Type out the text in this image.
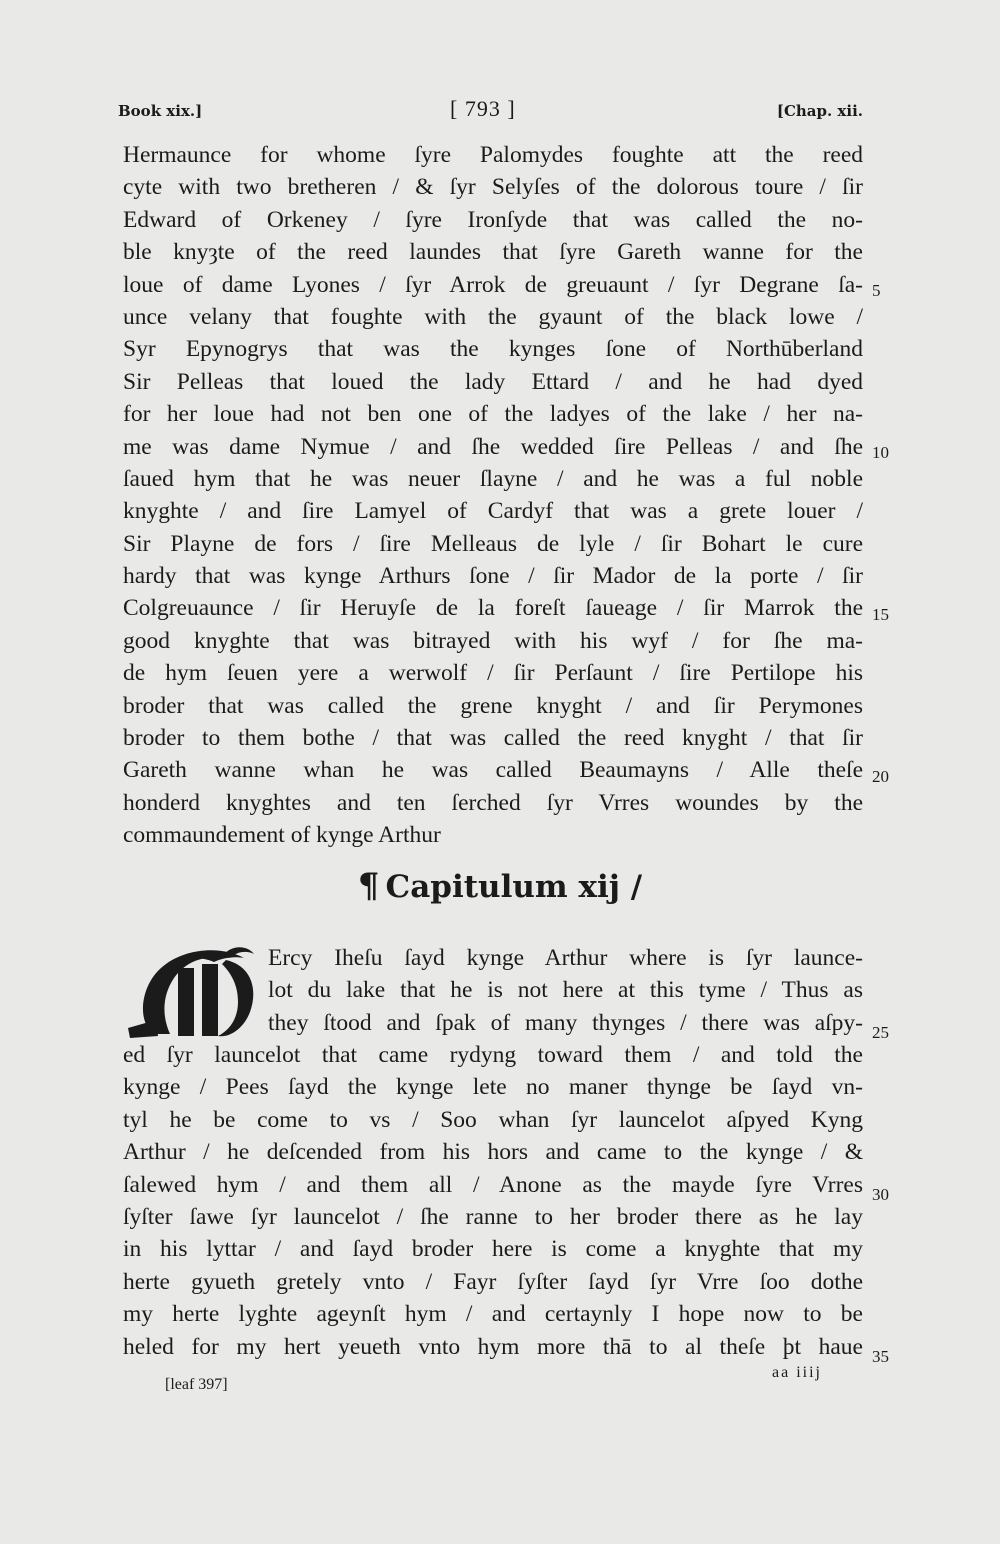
Book xix.]	[ 793 ]	[Chap. xii.
Hermaunce for whome ſyre Palomydes foughte att the reed
cyte with two bretheren / & ſyr Selyſes of the dolorous toure / ſir
Edward of Orkeney / ſyre Ironſyde that was called the no-
ble knyȝte of the reed laundes that ſyre Gareth wanne for the
loue of dame Lyones / ſyr Arrok de greuaunt / ſyr Degrane ſa-
unce velany that foughte with the gyaunt of the black lowe /
Syr Epynogrys that was the kynges ſone of Northūberland
Sir Pelleas that loued the lady Ettard / and he had dyed
for her loue had not ben one of the ladyes of the lake / her na-
me was dame Nymue / and ſhe wedded ſire Pelleas / and ſhe
ſaued hym that he was neuer ſlayne / and he was a ful noble
knyghte / and ſire Lamyel of Cardyf that was a grete louer /
Sir Playne de fors / ſire Melleaus de lyle / ſir Bohart le cure
hardy that was kynge Arthurs ſone / ſir Mador de la porte / ſir
Colgreuaunce / ſir Heruyſe de la foreſt ſaueage / ſir Marrok the
good knyghte that was bitrayed with his wyf / for ſhe ma-
de hym ſeuen yere a werwolf / ſir Perſaunt / ſire Pertilope his
broder that was called the grene knyght / and ſir Perymones
broder to them bothe / that was called the reed knyght / that ſir
Gareth wanne whan he was called Beaumayns / Alle theſe
honderd knyghtes and ten ſerched ſyr Vrres woundes by the
commaundement of kynge Arthur
¶ Capitulum xij /
Ercy Iheſu ſayd kynge Arthur where is ſyr launce-
lot du lake that he is not here at this tyme / Thus as
they ſtood and ſpak of many thynges / there was aſpy-
ed ſyr launcelot that came rydyng toward them / and told the
kynge / Pees ſayd the kynge lete no maner thynge be ſayd vn-
tyl he be come to vs / Soo whan ſyr launcelot aſpyed Kyng
Arthur / he deſcended from his hors and came to the kynge / &
ſalewed hym / and them all / Anone as the mayde ſyre Vrres
ſyſter ſawe ſyr launcelot / ſhe ranne to her broder there as he lay
in his lyttar / and ſayd broder here is come a knyghte that my
herte gyueth gretely vnto / Fayr ſyſter ſayd ſyr Vrre ſoo dothe
my herte lyghte ageynſt hym / and certaynly I hope now to be
heled for my hert yeueth vnto hym more thā to al theſe þt haue
5
10
15
20
25
30
35
[leaf 397]
aa iiij
